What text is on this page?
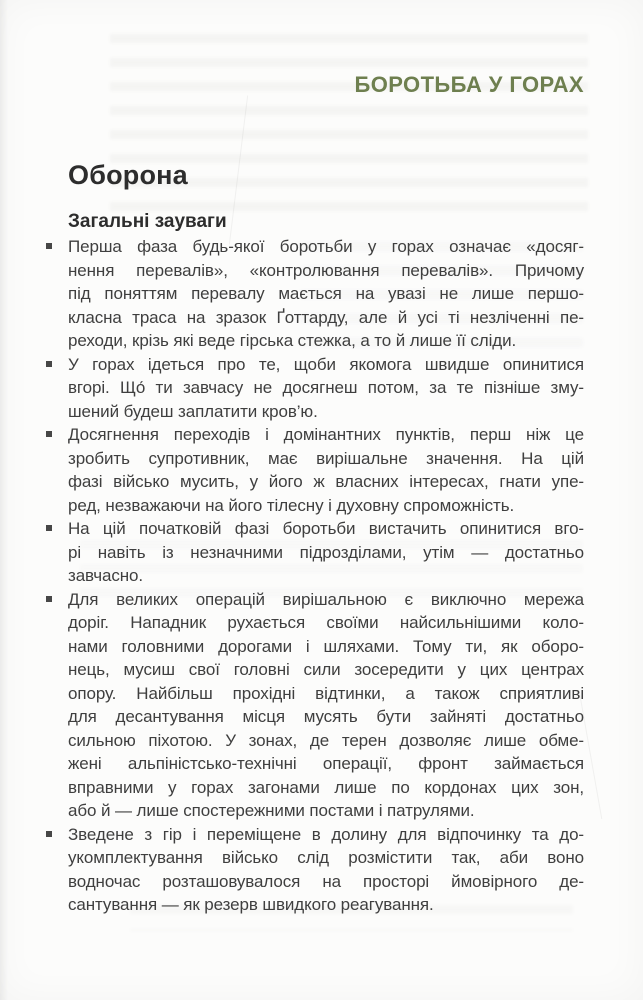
БОРОТЬБА У ГОРАХ
Оборона
Загальні зауваги
Перша фаза будь-якої боротьби у горах означає «досяг-
нення перевалів», «контролювання перевалів». Причому
під поняттям перевалу мається на увазі не лише першо-
класна траса на зразок Ґоттарду, але й усі ті незліченні пе-
реходи, крізь які веде гірська стежка, а то й лише її сліди.
У горах ідеться про те, щоби якомога швидше опинитися
вгорі. Що́ ти завчасу не досягнеш потом, за те пізніше зму-
шений будеш заплатити кров’ю.
Досягнення переходів і домінантних пунктів, перш ніж це
зробить супротивник, має вирішальне значення. На цій
фазі військо мусить, у його ж власних інтересах, гнати упе-
ред, незважаючи на його тілесну і духовну спроможність.
На цій початковій фазі боротьби вистачить опинитися вго-
рі навіть із незначними підрозділами, утім — достатньо
завчасно.
Для великих операцій вирішальною є виключно мережа
доріг. Нападник рухається своїми найсильнішими коло-
нами головними дорогами і шляхами. Тому ти, як оборо-
нець, мусиш свої головні сили зосередити у цих центрах
опору. Найбільш прохідні відтинки, а також сприятливі
для десантування місця мусять бути зайняті достатньо
сильною піхотою. У зонах, де терен дозволяє лише обме-
жені альпіністсько-технічні операції, фронт займається
вправними у горах загонами лише по кордонах цих зон,
або й — лише спостережними постами і патрулями.
Зведене з гір і переміщене в долину для відпочинку та до-
укомплектування військо слід розмістити так, аби воно
водночас розташовувалося на просторі ймовірного де-
сантування — як резерв швидкого реагування.
